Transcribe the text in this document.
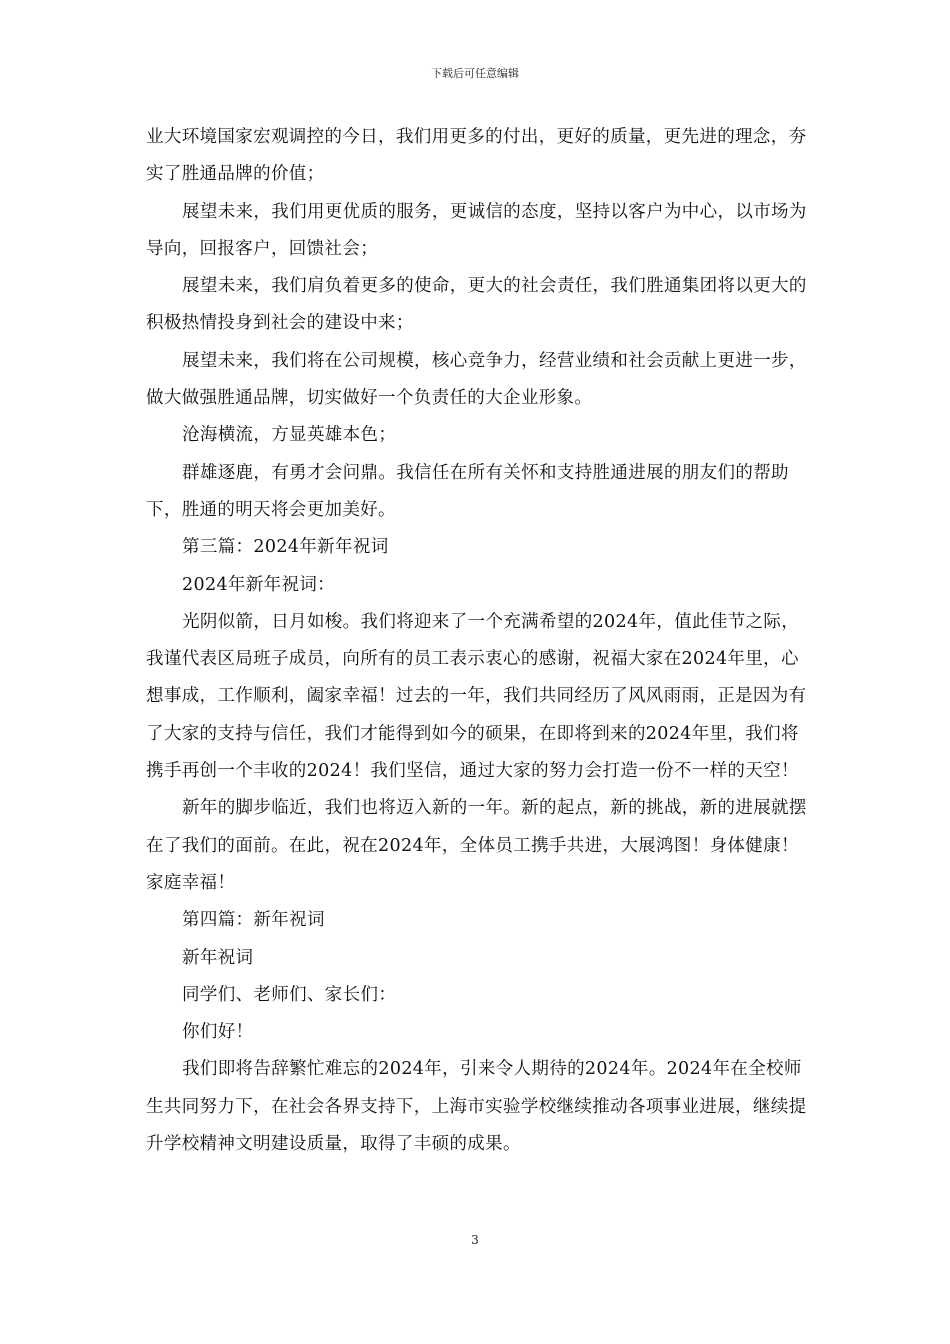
下载后可任意编辑

业大环境国家宏观调控的今日，我们用更多的付出，更好的质量，更先进的理念，夯实了胜通品牌的价值；

展望未来，我们用更优质的服务，更诚信的态度，坚持以客户为中心，以市场为导向，回报客户，回馈社会；

展望未来，我们肩负着更多的使命，更大的社会责任，我们胜通集团将以更大的积极热情投身到社会的建设中来；

展望未来，我们将在公司规模，核心竞争力，经营业绩和社会贡献上更进一步，做大做强胜通品牌，切实做好一个负责任的大企业形象。

沧海横流，方显英雄本色；

群雄逐鹿，有勇才会问鼎。我信任在所有关怀和支持胜通进展的朋友们的帮助下，胜通的明天将会更加美好。

第三篇：2024年新年祝词

2024年新年祝词：

光阴似箭，日月如梭。我们将迎来了一个充满希望的2024年，值此佳节之际，我谨代表区局班子成员，向所有的员工表示衷心的感谢，祝福大家在2024年里，心想事成，工作顺利，阖家幸福！过去的一年，我们共同经历了风风雨雨，正是因为有了大家的支持与信任，我们才能得到如今的硕果，在即将到来的2024年里，我们将携手再创一个丰收的2024！我们坚信，通过大家的努力会打造一份不一样的天空！

新年的脚步临近，我们也将迈入新的一年。新的起点，新的挑战，新的进展就摆在了我们的面前。在此，祝在2024年，全体员工携手共进，大展鸿图！身体健康！家庭幸福！

第四篇：新年祝词

新年祝词

同学们、老师们、家长们：

你们好！

我们即将告辞繁忙难忘的2024年，引来令人期待的2024年。2024年在全校师生共同努力下，在社会各界支持下，上海市实验学校继续推动各项事业进展，继续提升学校精神文明建设质量，取得了丰硕的成果。

3
